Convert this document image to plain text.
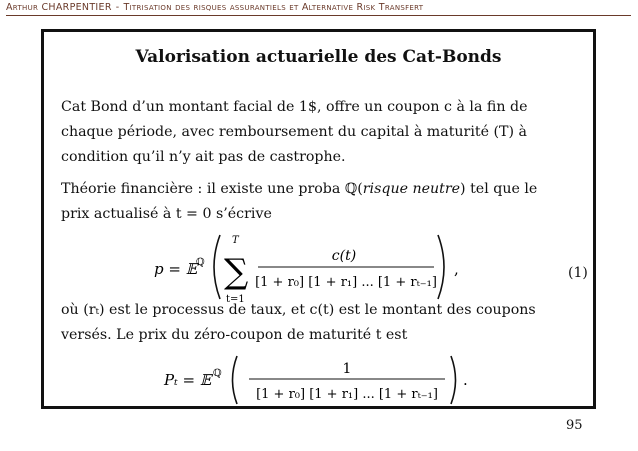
Arthur CHARPENTIER - Titrisation des risques assurantiels et Alternative Risk Transfert
Valorisation actuarielle des Cat-Bonds
Cat Bond d’un montant facial de 1$, offre un coupon c à la fin de
chaque période, avec remboursement du capital à maturité (T) à
condition qu’il n’y ait pas de castrophe.
Théorie financière : il existe une proba ℚ(risque neutre) tel que le
prix actualisé à t = 0 s’écrive
p = 𝔼
ℚ
T
∑
t=1
c(t)
[1 + r₀] [1 + r₁] ... [1 + rₜ₋₁]
,	(1)
où (rₜ) est le processus de taux, et c(t) est le montant des coupons
versés. Le prix du zéro-coupon de maturité t est
Pₜ = 𝔼 ℚ	1
[1 + r₀] [1 + r₁] ... [1 + rₜ₋₁]
.
95
